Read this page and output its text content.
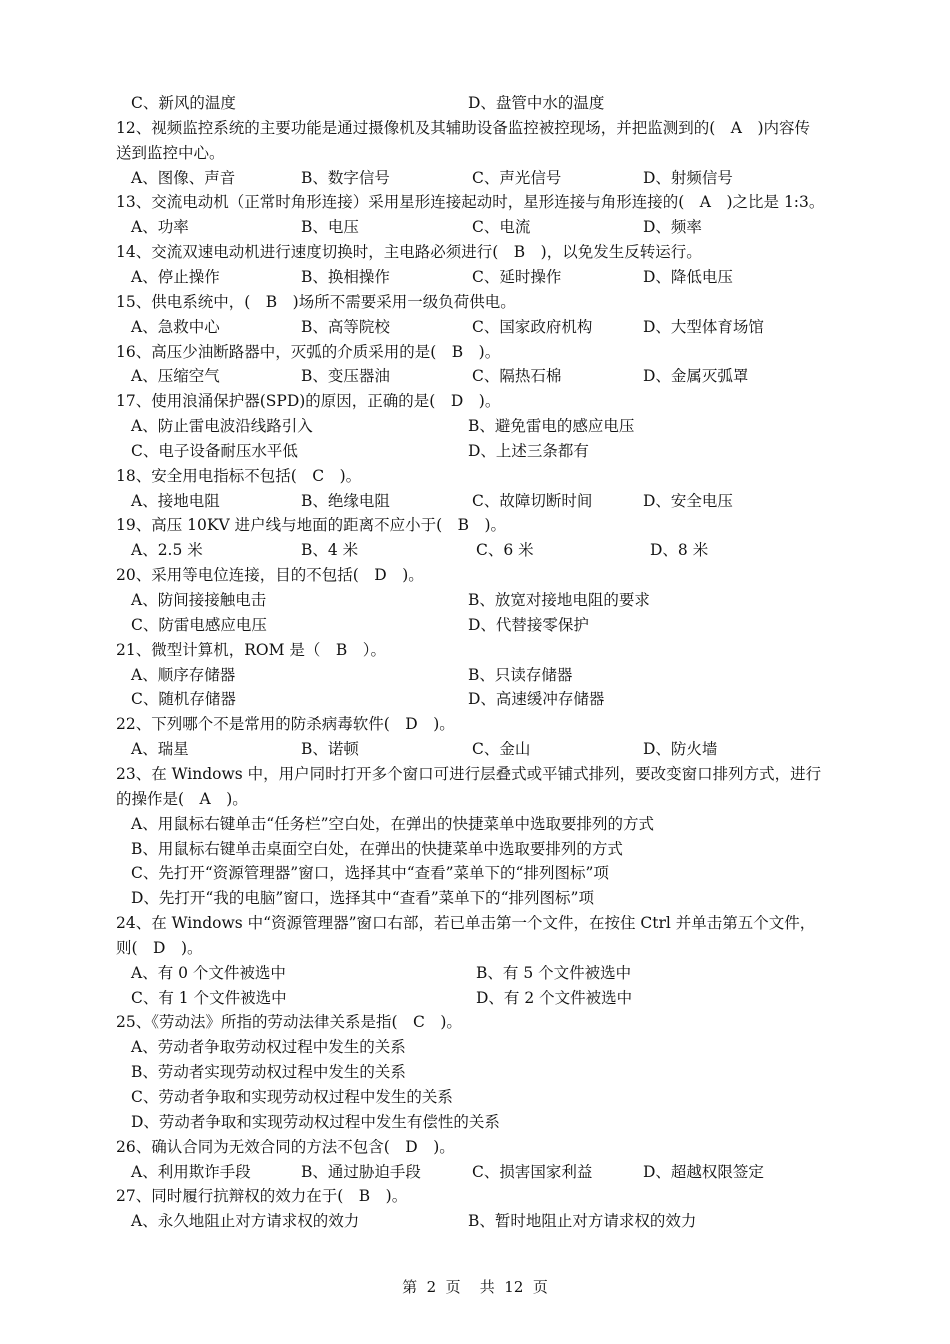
第  2  页    共  12  页
C、新风的温度	D、盘管中水的温度
12、视频监控系统的主要功能是通过摄像机及其辅助设备监控被控现场，并把监测到的(　A　)内容传
送到监控中心。
A、图像、声音	B、数字信号	C、声光信号	D、射频信号
13、交流电动机（正常时角形连接）采用星形连接起动时，星形连接与角形连接的(　A　)之比是 1:3。
A、功率	B、电压	C、电流	D、频率
14、交流双速电动机进行速度切换时，主电路必须进行(　B　)，以免发生反转运行。
A、停止操作	B、换相操作	C、延时操作	D、降低电压
15、供电系统中，(　B　)场所不需要采用一级负荷供电。
A、急救中心	B、高等院校	C、国家政府机构	D、大型体育场馆
16、高压少油断路器中，灭弧的介质采用的是(　B　)。
A、压缩空气	B、变压器油	C、隔热石棉	D、金属灭弧罩
17、使用浪涌保护器(SPD)的原因，正确的是(　D　)。
A、防止雷电波沿线路引入	B、避免雷电的感应电压
C、电子设备耐压水平低	D、上述三条都有
18、安全用电指标不包括(　C　)。
A、接地电阻	B、绝缘电阻	C、故障切断时间	D、安全电压
19、高压 10KV 进户线与地面的距离不应小于(　B　)。
A、2.5 米	B、4 米	C、6 米	D、8 米
20、采用等电位连接，目的不包括(　D　)。
A、防间接接触电击	B、放宽对接地电阻的要求
C、防雷电感应电压	D、代替接零保护
21、微型计算机，ROM 是（　B　）。
A、顺序存储器	B、只读存储器
C、随机存储器	D、高速缓冲存储器
22、下列哪个不是常用的防杀病毒软件(　D　)。
A、瑞星	B、诺顿	C、金山	D、防火墙
23、在 Windows 中，用户同时打开多个窗口可进行层叠式或平铺式排列，要改变窗口排列方式，进行
的操作是(　A　)。
A、用鼠标右键单击“任务栏”空白处，在弹出的快捷菜单中选取要排列的方式
B、用鼠标右键单击桌面空白处，在弹出的快捷菜单中选取要排列的方式
C、先打开“资源管理器”窗口，选择其中“查看”菜单下的“排列图标”项
D、先打开“我的电脑”窗口，选择其中“查看”菜单下的“排列图标”项
24、在 Windows 中“资源管理器”窗口右部，若已单击第一个文件，在按住 Ctrl 并单击第五个文件，
则(　D　)。
A、有 0 个文件被选中	B、有 5 个文件被选中
C、有 1 个文件被选中	D、有 2 个文件被选中
25、《劳动法》所指的劳动法律关系是指(　C　)。
A、劳动者争取劳动权过程中发生的关系
B、劳动者实现劳动权过程中发生的关系
C、劳动者争取和实现劳动权过程中发生的关系
D、劳动者争取和实现劳动权过程中发生有偿性的关系
26、确认合同为无效合同的方法不包含(　D　)。
A、利用欺诈手段	B、通过胁迫手段	C、损害国家利益	D、超越权限签定
27、同时履行抗辩权的效力在于(　B　)。
A、永久地阻止对方请求权的效力	B、暂时地阻止对方请求权的效力
